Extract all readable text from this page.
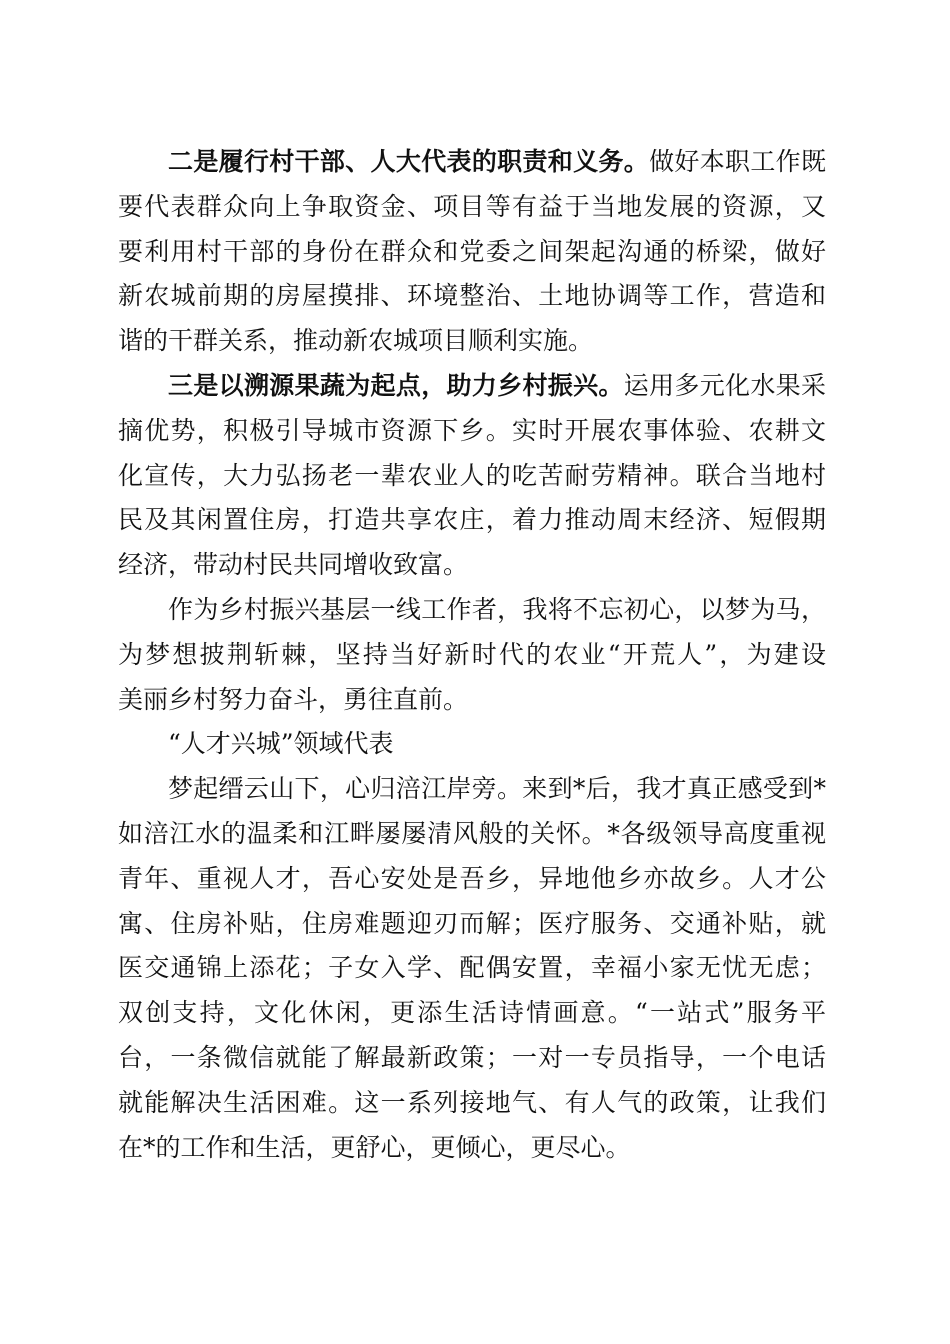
二是履行村干部、人大代表的职责和义务。做好本职工作既
要代表群众向上争取资金、项目等有益于当地发展的资源，又
要利用村干部的身份在群众和党委之间架起沟通的桥梁，做好
新农城前期的房屋摸排、环境整治、土地协调等工作，营造和
谐的干群关系，推动新农城项目顺利实施。
三是以溯源果蔬为起点，助力乡村振兴。运用多元化水果采
摘优势，积极引导城市资源下乡。实时开展农事体验、农耕文
化宣传，大力弘扬老一辈农业人的吃苦耐劳精神。联合当地村
民及其闲置住房，打造共享农庄，着力推动周末经济、短假期
经济，带动村民共同增收致富。
作为乡村振兴基层一线工作者，我将不忘初心，以梦为马，
为梦想披荆斩棘，坚持当好新时代的农业“开荒人”，为建设
美丽乡村努力奋斗，勇往直前。
“人才兴城”领域代表
梦起缙云山下，心归涪江岸旁。来到*后，我才真正感受到*
如涪江水的温柔和江畔屡屡清风般的关怀。*各级领导高度重视
青年、重视人才，吾心安处是吾乡，异地他乡亦故乡。人才公
寓、住房补贴，住房难题迎刃而解；医疗服务、交通补贴，就
医交通锦上添花；子女入学、配偶安置，幸福小家无忧无虑；
双创支持，文化休闲，更添生活诗情画意。“一站式”服务平
台，一条微信就能了解最新政策；一对一专员指导，一个电话
就能解决生活困难。这一系列接地气、有人气的政策，让我们
在*的工作和生活，更舒心，更倾心，更尽心。
